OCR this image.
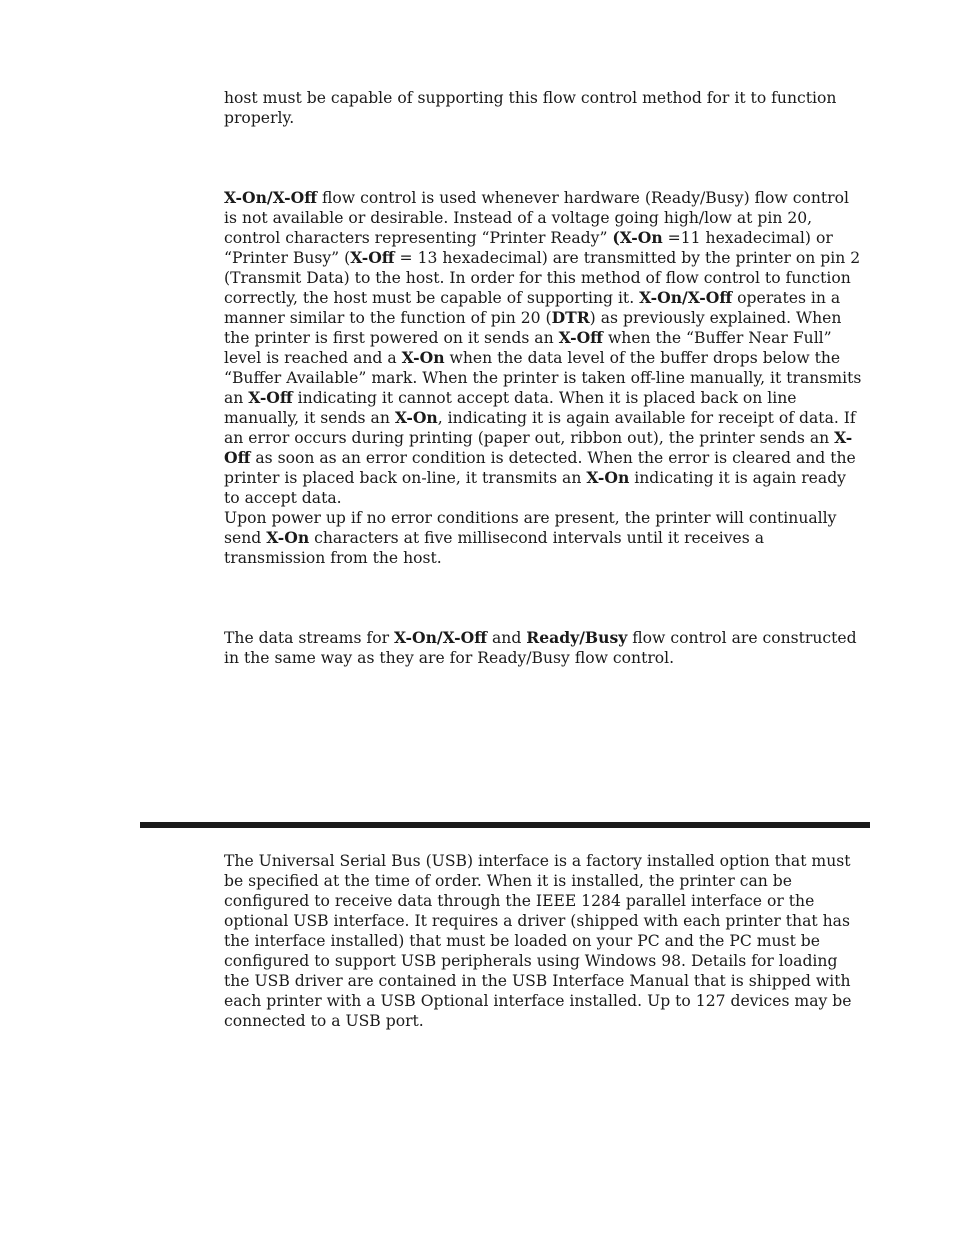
host must be capable of supporting this flow control method for it to function properly.

X-On/X-Off flow control is used whenever hardware (Ready/Busy) flow control is not available or desirable. Instead of a voltage going high/low at pin 20, control characters representing “Printer Ready” (X-On =11 hexadecimal) or “Printer Busy” (X-Off = 13 hexadecimal) are transmitted by the printer on pin 2 (Transmit Data) to the host. In order for this method of flow control to function correctly, the host must be capable of supporting it. X-On/X-Off operates in a manner similar to the function of pin 20 (DTR) as previously explained. When the printer is first powered on it sends an X-Off when the “Buffer Near Full” level is reached and a X-On when the data level of the buffer drops below the “Buffer Available” mark. When the printer is taken off-line manually, it transmits an X-Off indicating it cannot accept data. When it is placed back on line manually, it sends an X-On, indicating it is again available for receipt of data. If an error occurs during printing (paper out, ribbon out), the printer sends an X-Off as soon as an error condition is detected. When the error is cleared and the printer is placed back on-line, it transmits an X-On indicating it is again ready to accept data.

Upon power up if no error conditions are present, the printer will continually send X-On characters at five millisecond intervals until it receives a transmission from the host.

The data streams for X-On/X-Off and Ready/Busy flow control are constructed in the same way as they are for Ready/Busy flow control.

The Universal Serial Bus (USB) interface is a factory installed option that must be specified at the time of order. When it is installed, the printer can be configured to receive data through the IEEE 1284 parallel interface or the optional USB interface. It requires a driver (shipped with each printer that has the interface installed) that must be loaded on your PC and the PC must be configured to support USB peripherals using Windows 98. Details for loading the USB driver are contained in the USB Interface Manual that is shipped with each printer with a USB Optional interface installed. Up to 127 devices may be connected to a USB port.
